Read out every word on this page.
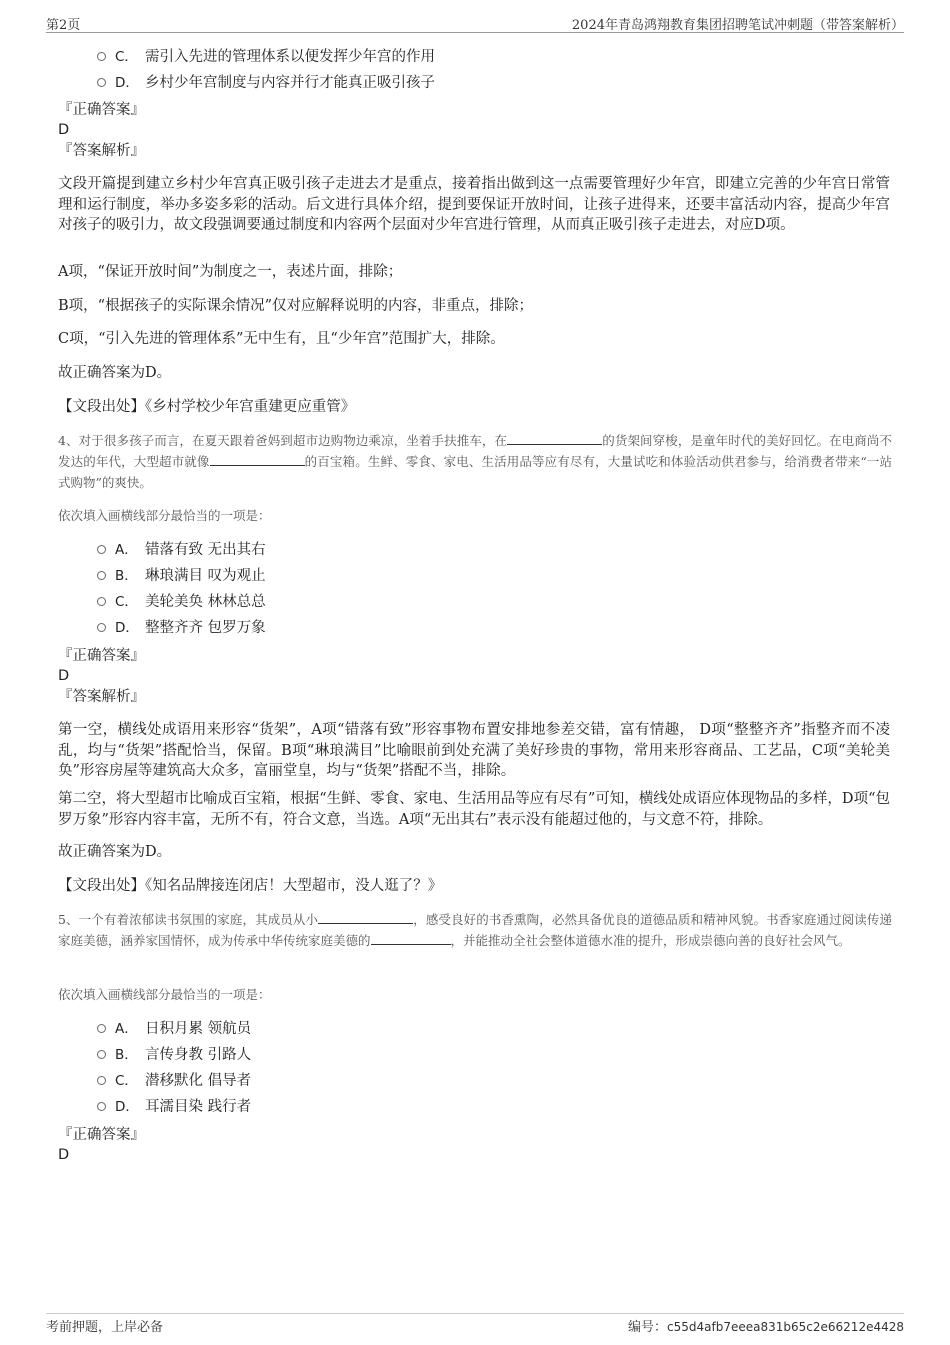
第2页	2024年青岛鸿翔教育集团招聘笔试冲刺题（带答案解析）
C． 需引入先进的管理体系以便发挥少年宫的作用
D． 乡村少年宫制度与内容并行才能真正吸引孩子
『正确答案』
D
『答案解析』
文段开篇提到建立乡村少年宫真正吸引孩子走进去才是重点，接着指出做到这一点需要管理好少年宫，即建立完善的少年宫日常管理和运行制度，举办多姿多彩的活动。后文进行具体介绍，提到要保证开放时间，让孩子进得来，还要丰富活动内容，提高少年宫对孩子的吸引力，故文段强调要通过制度和内容两个层面对少年宫进行管理，从而真正吸引孩子走进去，对应D项。
A项，“保证开放时间”为制度之一，表述片面，排除；
B项，“根据孩子的实际课余情况”仅对应解释说明的内容，非重点，排除；
C项，“引入先进的管理体系”无中生有，且“少年宫”范围扩大，排除。
故正确答案为D。
【文段出处】《乡村学校少年宫重建更应重管》
4、对于很多孩子而言，在夏天跟着爸妈到超市边购物边乘凉，坐着手扶推车，在	的货架间穿梭，是童年时代的美好回忆。在电商尚不发达的年代，大型超市就像	的百宝箱。生鲜、零食、家电、生活用品等应有尽有，大量试吃和体验活动供君参与，给消费者带来“一站式购物”的爽快。
依次填入画横线部分最恰当的一项是：
A． 错落有致 无出其右
B． 琳琅满目 叹为观止
C． 美轮美奂 林林总总
D． 整整齐齐 包罗万象
『正确答案』
D
『答案解析』
第一空，横线处成语用来形容“货架”，A项“错落有致”形容事物布置安排地参差交错，富有情趣， D项“整整齐齐”指整齐而不凌乱，均与“货架”搭配恰当，保留。B项“琳琅满目”比喻眼前到处充满了美好珍贵的事物，常用来形容商品、工艺品，C项“美轮美奂”形容房屋等建筑高大众多，富丽堂皇，均与“货架”搭配不当，排除。
第二空，将大型超市比喻成百宝箱，根据“生鲜、零食、家电、生活用品等应有尽有”可知，横线处成语应体现物品的多样，D项“包罗万象”形容内容丰富，无所不有，符合文意，当选。A项“无出其右”表示没有能超过他的，与文意不符，排除。
故正确答案为D。
【文段出处】《知名品牌接连闭店！大型超市，没人逛了？》
5、一个有着浓郁读书氛围的家庭，其成员从小	，感受良好的书香熏陶，必然具备优良的道德品质和精神风貌。书香家庭通过阅读传递家庭美德，涵养家国情怀，成为传承中华传统家庭美德的	，并能推动全社会整体道德水准的提升，形成崇德向善的良好社会风气。
依次填入画横线部分最恰当的一项是：
A． 日积月累 领航员
B． 言传身教 引路人
C． 潜移默化 倡导者
D． 耳濡目染 践行者
『正确答案』
D
考前押题，上岸必备	编号：c55d4afb7eeea831b65c2e66212e4428
